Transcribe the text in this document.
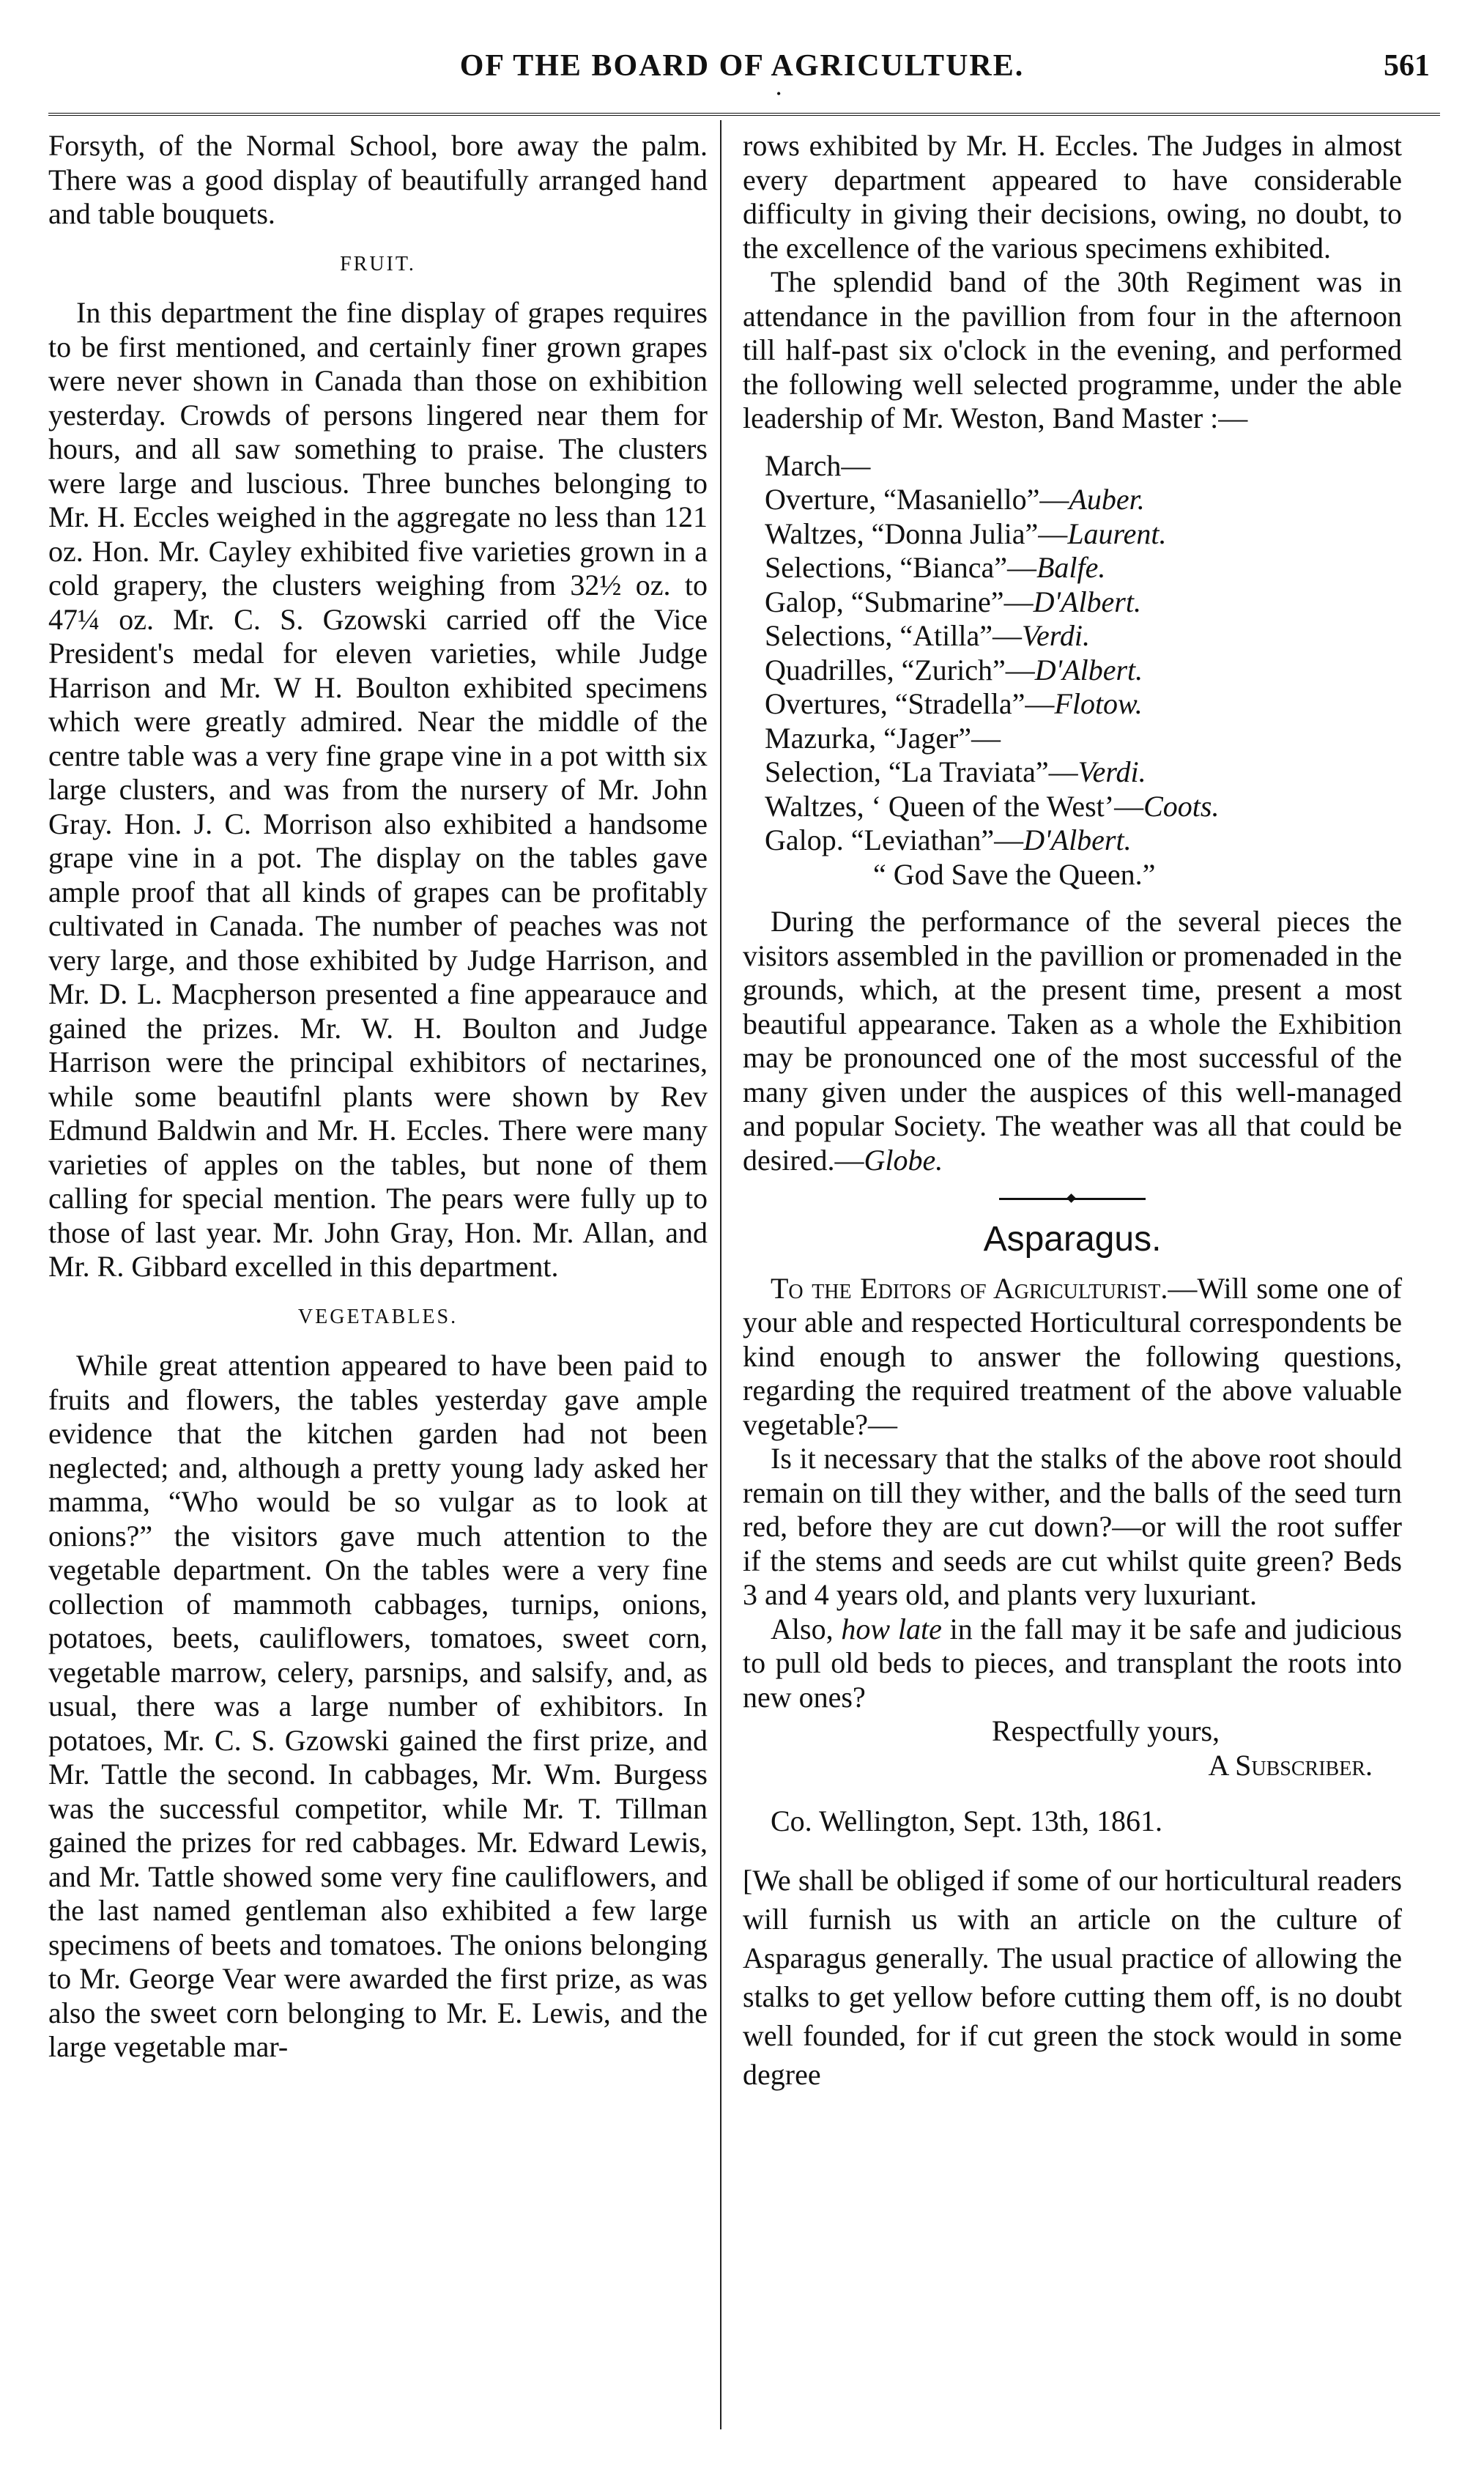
OF THE BOARD OF AGRICULTURE.	561
•

Forsyth, of the Normal School, bore away the palm. There was a good display of beautifully arranged hand and table bouquets.

FRUIT.

In this department the fine display of grapes requires to be first mentioned, and certainly finer grown grapes were never shown in Canada than those on exhibition yesterday. Crowds of persons lingered near them for hours, and all saw something to praise. The clusters were large and luscious. Three bunches belonging to Mr. H. Eccles weighed in the aggregate no less than 121 oz. Hon. Mr. Cayley exhibited five varieties grown in a cold grapery, the clusters weighing from 32½ oz. to 47¼ oz. Mr. C. S. Gzowski carried off the Vice President's medal for eleven varieties, while Judge Harrison and Mr. W H. Boulton exhibited specimens which were greatly admired. Near the middle of the centre table was a very fine grape vine in a pot witth six large clusters, and was from the nursery of Mr. John Gray. Hon. J. C. Morrison also exhibited a handsome grape vine in a pot. The display on the tables gave ample proof that all kinds of grapes can be profitably cultivated in Canada. The number of peaches was not very large, and those exhibited by Judge Harrison, and Mr. D. L. Macpherson presented a fine appearauce and gained the prizes. Mr. W. H. Boulton and Judge Harrison were the principal exhibitors of nectarines, while some beautifnl plants were shown by Rev Edmund Baldwin and Mr. H. Eccles. There were many varieties of apples on the tables, but none of them calling for special mention. The pears were fully up to those of last year. Mr. John Gray, Hon. Mr. Allan, and Mr. R. Gibbard excelled in this department.

VEGETABLES.

While great attention appeared to have been paid to fruits and flowers, the tables yesterday gave ample evidence that the kitchen garden had not been neglected; and, although a pretty young lady asked her mamma, “Who would be so vulgar as to look at onions?” the visitors gave much attention to the vegetable department. On the tables were a very fine collection of mammoth cabbages, turnips, onions, potatoes, beets, cauliflowers, tomatoes, sweet corn, vegetable marrow, celery, parsnips, and salsify, and, as usual, there was a large number of exhibitors. In potatoes, Mr. C. S. Gzowski gained the first prize, and Mr. Tattle the second. In cabbages, Mr. Wm. Burgess was the successful competitor, while Mr. T. Tillman gained the prizes for red cabbages. Mr. Edward Lewis, and Mr. Tattle showed some very fine cauliflowers, and the last named gentleman also exhibited a few large specimens of beets and tomatoes. The onions belonging to Mr. George Vear were awarded the first prize, as was also the sweet corn belonging to Mr. E. Lewis, and the large vegetable mar-

rows exhibited by Mr. H. Eccles. The Judges in almost every department appeared to have considerable difficulty in giving their decisions, owing, no doubt, to the excellence of the various specimens exhibited.

The splendid band of the 30th Regiment was in attendance in the pavillion from four in the afternoon till half-past six o'clock in the evening, and performed the following well selected programme, under the able leadership of Mr. Weston, Band Master :—

March—
Overture, “Masaniello”—Auber.
Waltzes, “Donna Julia”—Laurent.
Selections, “Bianca”—Balfe.
Galop, “Submarine”—D'Albert.
Selections, “Atilla”—Verdi.
Quadrilles, “Zurich”—D'Albert.
Overtures, “Stradella”—Flotow.
Mazurka, “Jager”—
Selection, “La Traviata”—Verdi.
Waltzes, ‘ Queen of the West’—Coots.
Galop. “Leviathan”—D'Albert.
“ God Save the Queen.”

During the performance of the several pieces the visitors assembled in the pavillion or promenaded in the grounds, which, at the present time, present a most beautiful appearance. Taken as a whole the Exhibition may be pronounced one of the most successful of the many given under the auspices of this well-managed and popular Society. The weather was all that could be desired.—Globe.

Asparagus.

To the Editors of Agriculturist.—Will some one of your able and respected Horticultural correspondents be kind enough to answer the following questions, regarding the required treatment of the above valuable vegetable?—

Is it necessary that the stalks of the above root should remain on till they wither, and the balls of the seed turn red, before they are cut down?—or will the root suffer if the stems and seeds are cut whilst quite green? Beds 3 and 4 years old, and plants very luxuriant.

Also, how late in the fall may it be safe and judicious to pull old beds to pieces, and transplant the roots into new ones?

Respectfully yours,
A Subscriber.
Co. Wellington, Sept. 13th, 1861.

[We shall be obliged if some of our horticultural readers will furnish us with an article on the culture of Asparagus generally. The usual practice of allowing the stalks to get yellow before cutting them off, is no doubt well founded, for if cut green the stock would in some degree
